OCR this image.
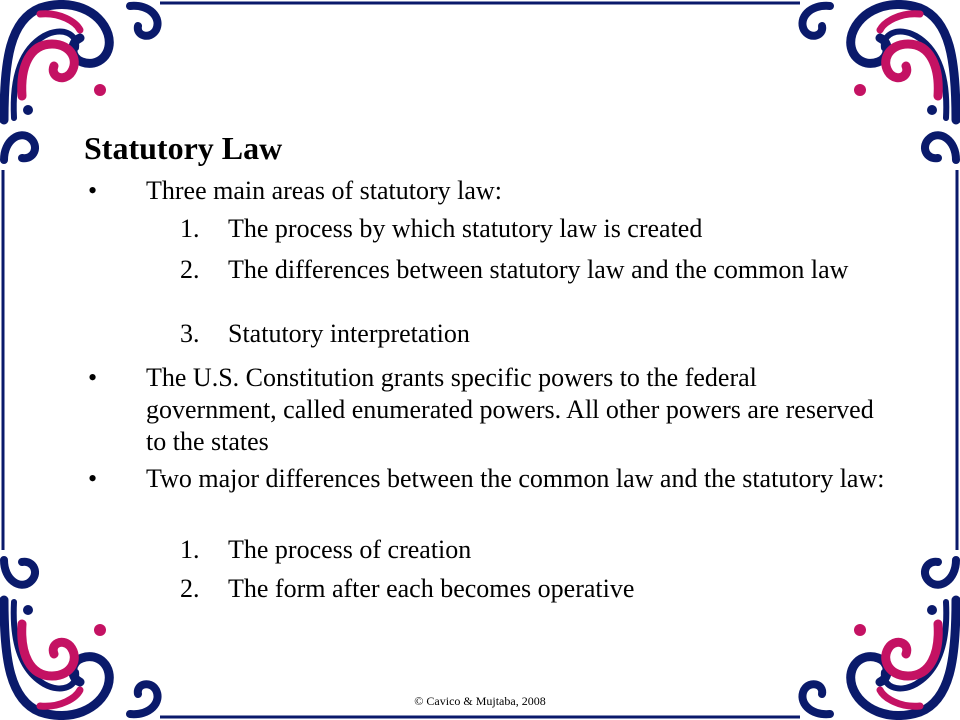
Statutory Law
•	Three main areas of statutory law:
1.	The process by which statutory law is created
2.	The differences between statutory law and the common law
3.	Statutory interpretation
•	The U.S. Constitution grants specific powers to the federal government, called enumerated powers. All other powers are reserved to the states
•	Two major differences between the common law and the statutory law:
1.	The process of creation
2.	The form after each becomes operative
© Cavico & Mujtaba, 2008
